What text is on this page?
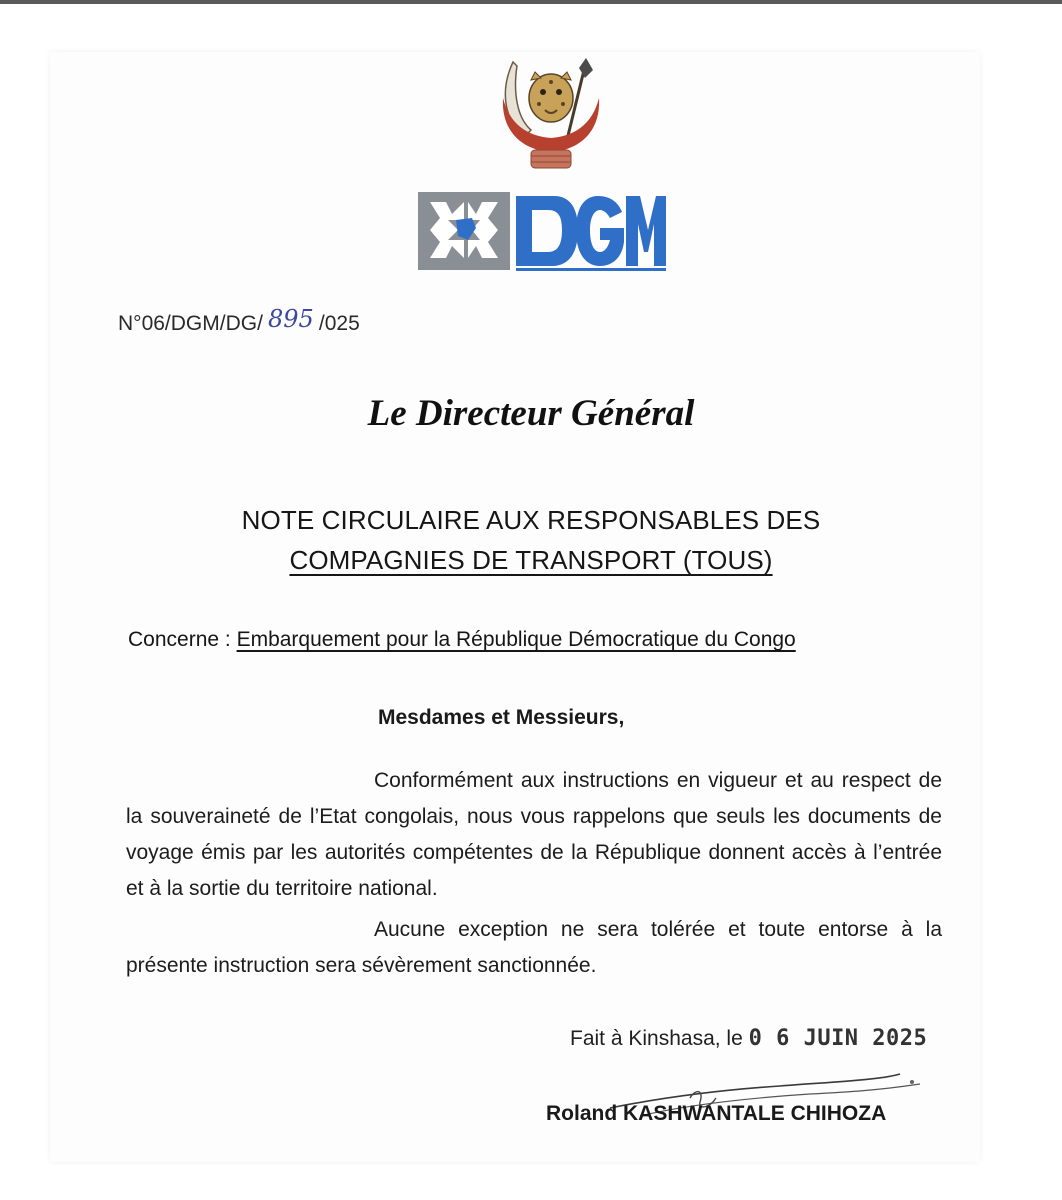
N°06/DGM/DG/ 895 /025
Le Directeur Général
NOTE CIRCULAIRE AUX RESPONSABLES DES
COMPAGNIES DE TRANSPORT (TOUS)
Concerne : Embarquement pour la République Démocratique du Congo
Mesdames et Messieurs,
Conformément aux instructions en vigueur et au respect de la souveraineté de l’Etat congolais, nous vous rappelons que seuls les documents de voyage émis par les autorités compétentes de la République donnent accès à l’entrée et à la sortie du territoire national.
Aucune exception ne sera tolérée et toute entorse à la présente instruction sera sévèrement sanctionnée.
Fait à Kinshasa, le 0 6 JUIN 2025
Roland KASHWANTALE CHIHOZA
